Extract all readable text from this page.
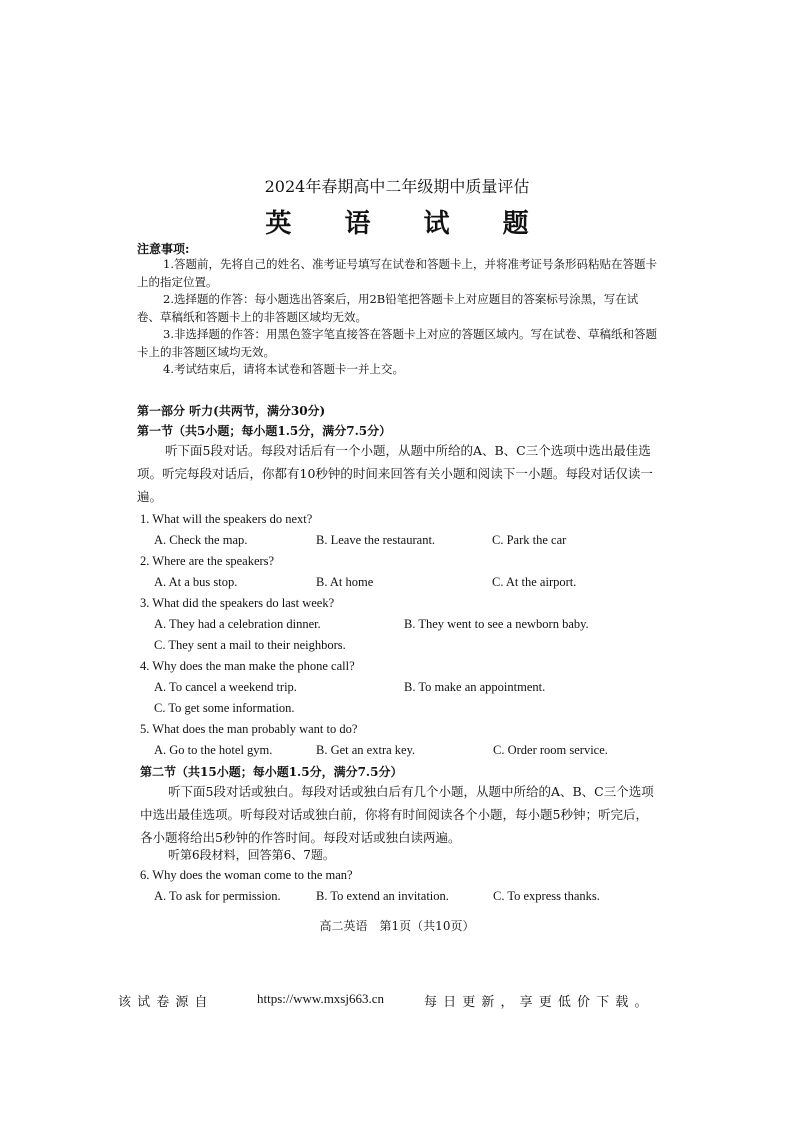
2024年春期高中二年级期中质量评估
英 语 试 题
注意事项:
1.答题前，先将自己的姓名、准考证号填写在试卷和答题卡上，并将准考证号条形码粘贴在答题卡上的指定位置。
2.选择题的作答：每小题选出答案后，用2B铅笔把答题卡上对应题目的答案标号涂黑，写在试卷、草稿纸和答题卡上的非答题区域均无效。
3.非选择题的作答：用黑色签字笔直接答在答题卡上对应的答题区域内。写在试卷、草稿纸和答题卡上的非答题区域均无效。
4.考试结束后，请将本试卷和答题卡一并上交。
第一部分 听力(共两节，满分30分)
第一节（共5小题；每小题1.5分，满分7.5分）
听下面5段对话。每段对话后有一个小题，从题中所给的A、B、C三个选项中选出最佳选项。听完每段对话后，你都有10秒钟的时间来回答有关小题和阅读下一小题。每段对话仅读一遍。
1. What will the speakers do next?
A. Check the map.	B. Leave the restaurant.	C. Park the car
2. Where are the speakers?
A. At a bus stop.	B. At home	C. At the airport.
3. What did the speakers do last week?
A. They had a celebration dinner.	B. They went to see a newborn baby.
C. They sent a mail to their neighbors.
4. Why does the man make the phone call?
A. To cancel a weekend trip.	B. To make an appointment.
C. To get some information.
5. What does the man probably want to do?
A. Go to the hotel gym.	B. Get an extra key.	C. Order room service.
第二节（共15小题；每小题1.5分，满分7.5分）
听下面5段对话或独白。每段对话或独白后有几个小题，从题中所给的A、B、C三个选项中选出最佳选项。听每段对话或独白前，你将有时间阅读各个小题，每小题5秒钟；听完后，各小题将给出5秒钟的作答时间。每段对话或独白读两遍。
听第6段材料，回答第6、7题。
6. Why does the woman come to the man?
A. To ask for permission.	B. To extend an invitation.	C. To express thanks.
高二英语　第1页（共10页）
该 试 卷 源 自	https://www.mxsj663.cn	每 日 更 新 ， 享 更 低 价 下 载 。
